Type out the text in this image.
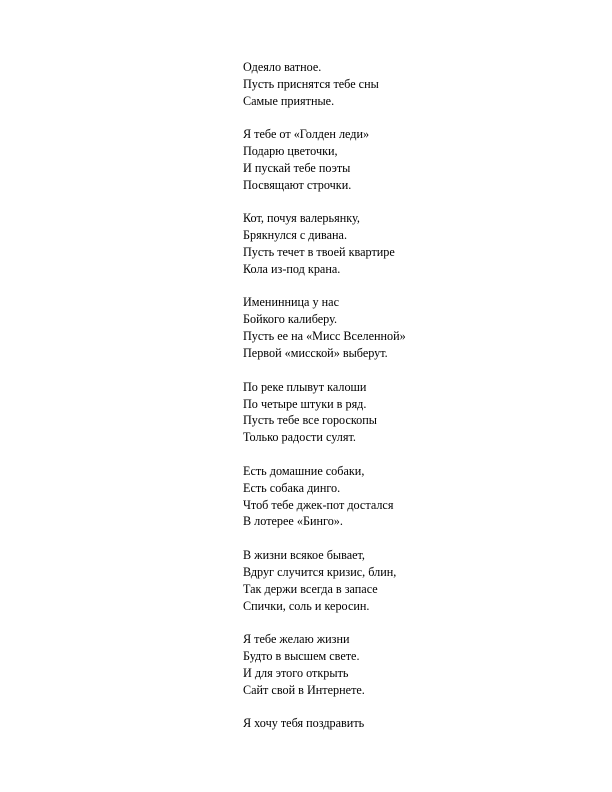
Одеяло ватное.
Пусть приснятся тебе сны
Самые приятные.
Я тебе от «Голден леди»
Подарю цветочки,
И пускай тебе поэты
Посвящают строчки.
Кот, почуя валерьянку,
Брякнулся с дивана.
Пусть течет в твоей квартире
Кола из-под крана.
Именинница у нас
Бойкого калиберу.
Пусть ее на «Мисс Вселенной»
Первой «мисской» выберут.
По реке плывут калоши
По четыре штуки в ряд.
Пусть тебе все гороскопы
Только радости сулят.
Есть домашние собаки,
Есть собака динго.
Чтоб тебе джек-пот достался
В лотерее «Бинго».
В жизни всякое бывает,
Вдруг случится кризис, блин,
Так держи всегда в запасе
Спички, соль и керосин.
Я тебе желаю жизни
Будто в высшем свете.
И для этого открыть
Сайт свой в Интернете.
Я хочу тебя поздравить
